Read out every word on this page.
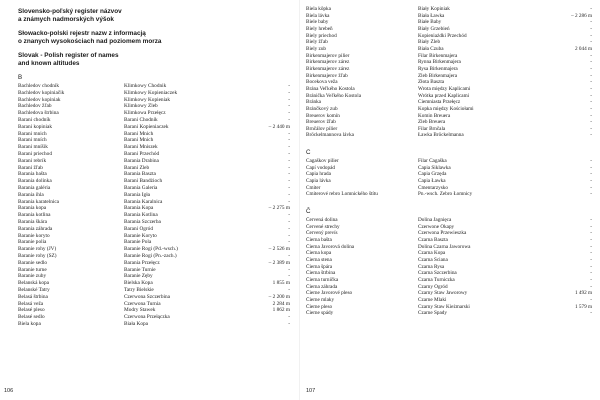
Slovensko-poľský register názvov
a známych nadmorských výšok
Słowacko-polski rejestr nazw z informacją
o znanych wysokościach nad poziomem morza
Slovak - Polish register of names
and known altitudes
B
Bachledov chodník	Klimkowy Chodnik	-
Bachledov kopiniačik	Klimkowy Kopieniaczek	-
Bachledov kopiniak	Klimkowy Kopieniak	-
Bachledov žľab	Klimkowy Żleb	-
Bachledova štrbina	Klimkowa Przełęcz	-
Barani chodník	Barani Chodnik	-
Barani kopiniak	Barani Kopieniaczek	– 2 440 m
Barani mnich	Barani Mnich	-
Barani mních	Barani Mnich	-
Barani mníšik	Barani Mniszek	-
Barani priechod	Barani Przechód	-
Barani rebrík	Barania Drabina	-
Barani žľab	Barani Żleb	-
Barania bašta	Barania Baszta	-
Barania dolinka	Barani Bandżioch	-
Barania galéria	Barania Galeria	-
Barania ihla	Barania Igła	-
Barania karatelnica	Barania Karalnica	-
Barania kopa	Barania Kopa	– 2 275 m
Barania kotlina	Barania Kotlina	-
Barania škára	Barania Szczerba	-
Barania záhrada	Barani Ogród	-
Baranie koryto	Baranie Koryto	-
Baranie polia	Baranie Pola	-
Baranie rohy (JV)	Baranie Rogi (Pd.-wsch.)	– 2 526 m
Baranie rohy (SZ)	Baranie Rogi (Pn.-zach.)	-
Baranie sedlo	Barania Przełęcz	– 2 389 m
Baranie turne	Baranie Turnie	-
Baranie zuby	Baranie Zęby	-
Belanská kopa	Bielska Kopa	1 855 m
Belanské Tatry	Tatry Bielskie	-
Belasá štrbina	Czerwona Szczerbina	– 2 200 m
Belasá veža	Czerwona Turnia	2 284 m
Belasé pleso	Modry Stawek	1 862 m
Belasé sedlo	Czerwona Przełączka	-
Biela kopa	Biała Kopa	-
106
Biela kôpka	Biały Kopiniak	-
Biela lávka	Biała Ławka	– 2 286 m
Biele baby	Białe Baby	-
Biely hrebeň	Biały Grzebień	-
Biely priechod	Kopieniażdki Przechód	-
Biely žľab	Biały Żleb	-
Biely zub	Biała Czuba	2 044 m
Birkenmajerov pilier	Filar Birkenmajera	-
Birkenmajerov zárez	Rynna Birkenmajera	-
Birkenmajerov zárez	Rysa Birkenmajera	-
Birkenmajerov žľab	Żleb Birkenmajera	-
Bocekova veža	Złota Baszta	-
Brána Veľkého Kostola	Wrota między Kaplicami	-
Bránička Veľkého Kostola	Wrótka przed Kaplicami	-
Bránka	Ciemniasta Przełęcz	-
Bránčkový zub	Kopka między Kościołami	-
Breuerov komín	Komin Breuera	-
Breuerov žľab	Żleb Breuera	-
Brnčálov pilier	Filar Brnčala	-
Bröckelmannova lávka	Ławka Bröckelmanna	-
C
Cagaškov pilier	Filar Cagaška	-
Capí vodopád	Capia Siklawka	-
Capia hrada	Capia Grzęda	-
Capia lávka	Capia Ławka	-
Cmiter	Cmentarzysko	-
Cmiterové rebro Lomnického štítu	Pn.-wsch. Żebro Łomnicy	-
Č
Červená dolina	Dolina Jagnięca	-
Červené strechy	Czerwone Okapy	-
Červený prevís	Czerwona Przewieszka	-
Čierna bašta	Czarna Baszta	-
Čierna Javorová dolina	Dolina Czarna Jaworowa	-
Čierna kopa	Czarna Kopa	-
Čierna stena	Czarna Ściana	-
Čierna špára	Czarna Rysa	-
Čierna štrbina	Czarna Szczerbina	-
Čierna turnička	Czarna Turniczka	-
Čierna záhrada	Czarny Ogród	-
Čierne Javorové pleso	Czarny Staw Jaworowy	1 492 m
Čierne mlaky	Czarne Mlaki	-
Čierne pleso	Czarny Staw Kieżmarski	1 579 m
Čierne spády	Czarne Spady	-
107
